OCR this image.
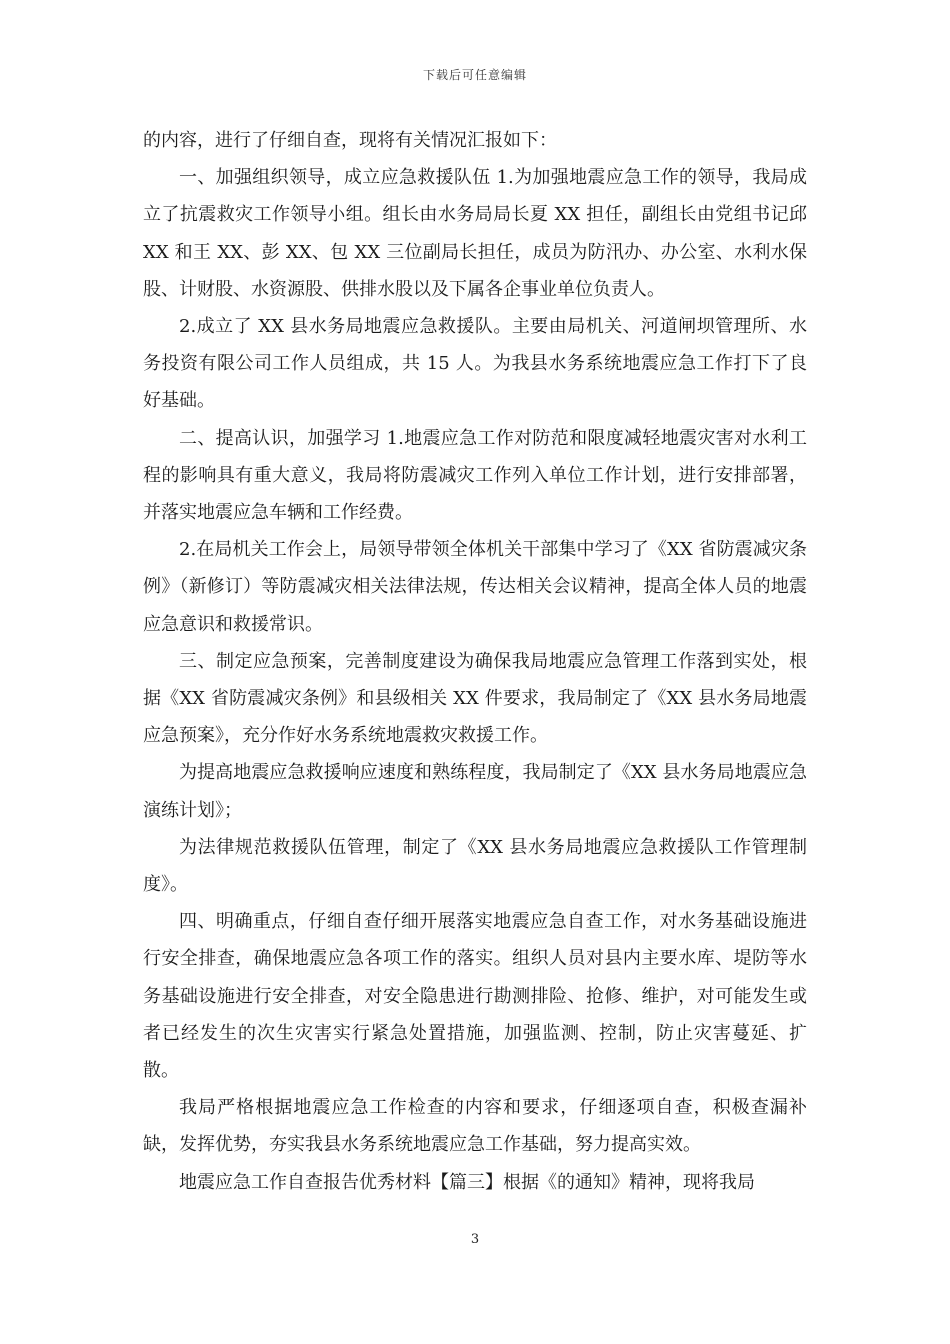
下载后可任意编辑

的内容，进行了仔细自查，现将有关情况汇报如下：

一、加强组织领导，成立应急救援队伍 1.为加强地震应急工作的领导，我局成立了抗震救灾工作领导小组。组长由水务局局长夏 XX 担任，副组长由党组书记邱 XX 和王 XX、彭 XX、包 XX 三位副局长担任，成员为防汛办、办公室、水利水保股、计财股、水资源股、供排水股以及下属各企事业单位负责人。

2.成立了 XX 县水务局地震应急救援队。主要由局机关、河道闸坝管理所、水务投资有限公司工作人员组成，共 15 人。为我县水务系统地震应急工作打下了良好基础。

二、提高认识，加强学习 1.地震应急工作对防范和限度减轻地震灾害对水利工程的影响具有重大意义，我局将防震减灾工作列入单位工作计划，进行安排部署，并落实地震应急车辆和工作经费。

2.在局机关工作会上，局领导带领全体机关干部集中学习了《XX 省防震减灾条例》（新修订）等防震减灾相关法律法规，传达相关会议精神，提高全体人员的地震应急意识和救援常识。

三、制定应急预案，完善制度建设为确保我局地震应急管理工作落到实处，根据《XX 省防震减灾条例》和县级相关 XX 件要求，我局制定了《XX 县水务局地震应急预案》，充分作好水务系统地震救灾救援工作。

为提高地震应急救援响应速度和熟练程度，我局制定了《XX 县水务局地震应急演练计划》；

为法律规范救援队伍管理，制定了《XX 县水务局地震应急救援队工作管理制度》。

四、明确重点，仔细自查仔细开展落实地震应急自查工作，对水务基础设施进行安全排查，确保地震应急各项工作的落实。组织人员对县内主要水库、堤防等水务基础设施进行安全排查，对安全隐患进行勘测排险、抢修、维护，对可能发生或者已经发生的次生灾害实行紧急处置措施，加强监测、控制，防止灾害蔓延、扩散。

我局严格根据地震应急工作检查的内容和要求，仔细逐项自查，积极查漏补缺，发挥优势，夯实我县水务系统地震应急工作基础，努力提高实效。

地震应急工作自查报告优秀材料【篇三】根据《的通知》精神，现将我局

3
